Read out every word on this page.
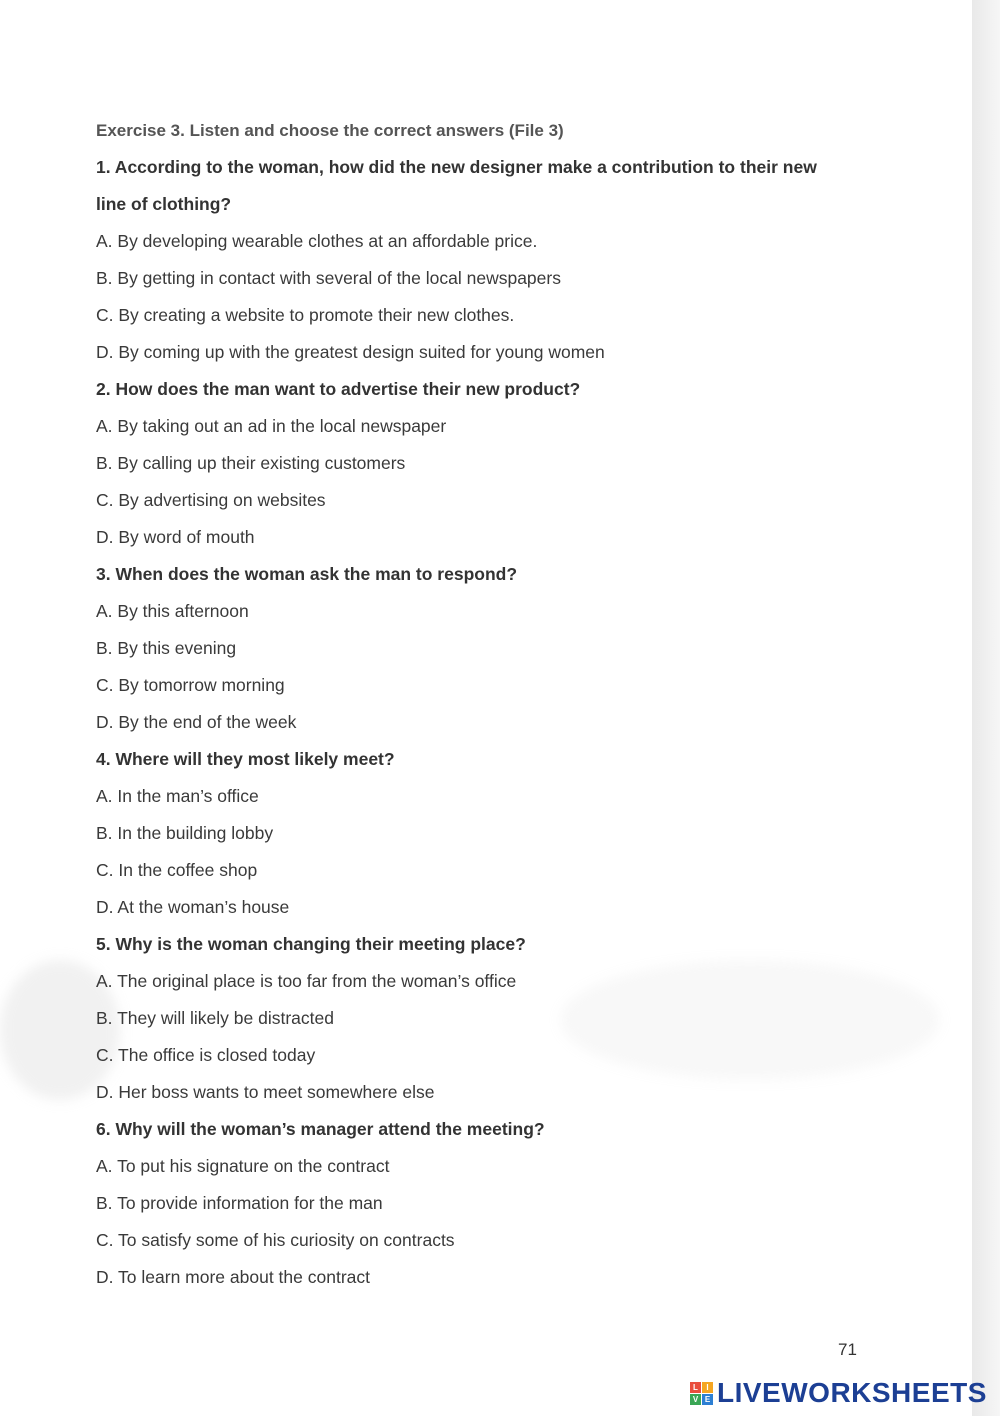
Exercise 3. Listen and choose the correct answers (File 3)
1. According to the woman, how did the new designer make a contribution to their new
line of clothing?
A. By developing wearable clothes at an affordable price.
B. By getting in contact with several of the local newspapers
C. By creating a website to promote their new clothes.
D. By coming up with the greatest design suited for young women
2. How does the man want to advertise their new product?
A. By taking out an ad in the local newspaper
B. By calling up their existing customers
C. By advertising on websites
D. By word of mouth
3. When does the woman ask the man to respond?
A. By this afternoon
B. By this evening
C. By tomorrow morning
D. By the end of the week
4. Where will they most likely meet?
A. In the man’s office
B. In the building lobby
C. In the coffee shop
D. At the woman’s house
5. Why is the woman changing their meeting place?
A. The original place is too far from the woman’s office
B. They will likely be distracted
C. The office is closed today
D. Her boss wants to meet somewhere else
6. Why will the woman’s manager attend the meeting?
A. To put his signature on the contract
B. To provide information for the man
C. To satisfy some of his curiosity on contracts
D. To learn more about the contract
71
L	I
V E LIVEWORKSHEETS
